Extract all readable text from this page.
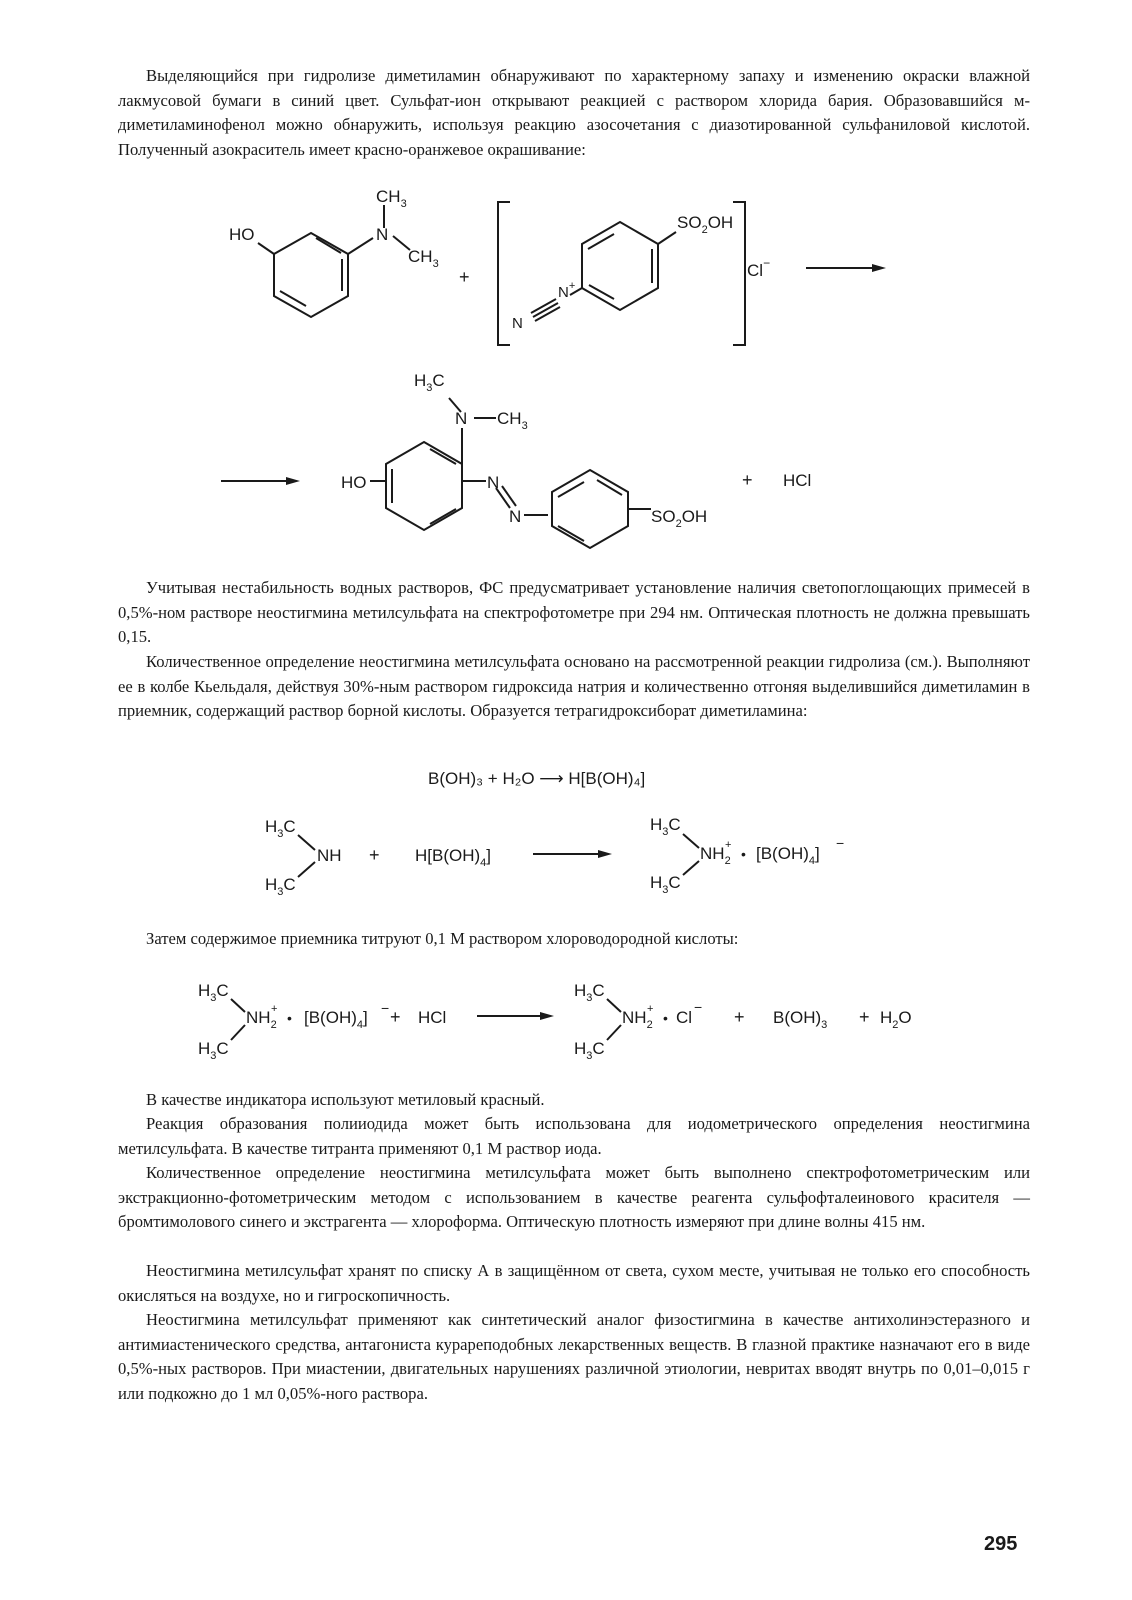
Выделяющийся при гидролизе диметиламин обнаруживают по характерному запаху и изменению окраски влажной лакмусовой бумаги в синий цвет. Сульфат-ион открывают реакцией с раствором хлорида бария. Образовавшийся м-диметиламинофенол можно обнаружить, используя реакцию азосочетания с диазотированной сульфаниловой кислотой. Полученный азокраситель имеет красно-оранжевое окрашивание:

HO	N
$CH_3$
$CH_3$
+
$SO_2OH$
N+
N
Cl−
HO
$H_3C$
N $CH_3$
N
N	$SO_2OH$
+ HCl
B(OH)₃ + H₂O ⟶ H[B(OH)₄]
$H_3C$
$H_3C$
NH + $H[B(OH)_4]$
$H_3C$
$H_3C$
$NH_2$
+
• $[B(OH)_4]$
−
$H_3C$
$H_3C$
$NH_2$
+
• $[B(OH)_4]$ − + HCl
$H_3C$
$H_3C$
$NH_2$
+
• Cl
− + $B(OH)_3 + H_2O$

Учитывая нестабильность водных растворов, ФС предусматривает установление наличия светопоглощающих примесей в 0,5%-ном растворе неостигмина метилсульфата на спектрофотометре при 294 нм. Оптическая плотность не должна превышать 0,15.

Количественное определение неостигмина метилсульфата основано на рассмотренной реакции гидролиза (см.). Выполняют ее в колбе Кьельдаля, действуя 30%-ным раствором гидроксида натрия и количественно отгоняя выделившийся диметиламин в приемник, содержащий раствор борной кислоты. Образуется тетрагидроксиборат диметиламина:

Затем содержимое приемника титруют 0,1 М раствором хлороводородной кислоты:

В качестве индикатора используют метиловый красный.

Реакция образования полииодида может быть использована для иодометрического определения неостигмина метилсульфата. В качестве титранта применяют 0,1 М раствор иода.

Количественное определение неостигмина метилсульфата может быть выполнено спектрофотометрическим или экстракционно-фотометрическим методом с использованием в качестве реагента сульфофталеинового красителя — бромтимолового синего и экстрагента — хлороформа. Оптическую плотность измеряют при длине волны 415 нм.

Неостигмина метилсульфат хранят по списку А в защищённом от света, сухом месте, учитывая не только его способность окисляться на воздухе, но и гигроскопичность.

Неостигмина метилсульфат применяют как синтетический аналог физостигмина в качестве антихолинэстеразного и антимиастенического средства, антагониста курареподобных лекарственных веществ. В глазной практике назначают его в виде 0,5%-ных растворов. При миастении, двигательных нарушениях различной этиологии, невритах вводят внутрь по 0,01–0,015 г или подкожно до 1 мл 0,05%-ного раствора.

295
